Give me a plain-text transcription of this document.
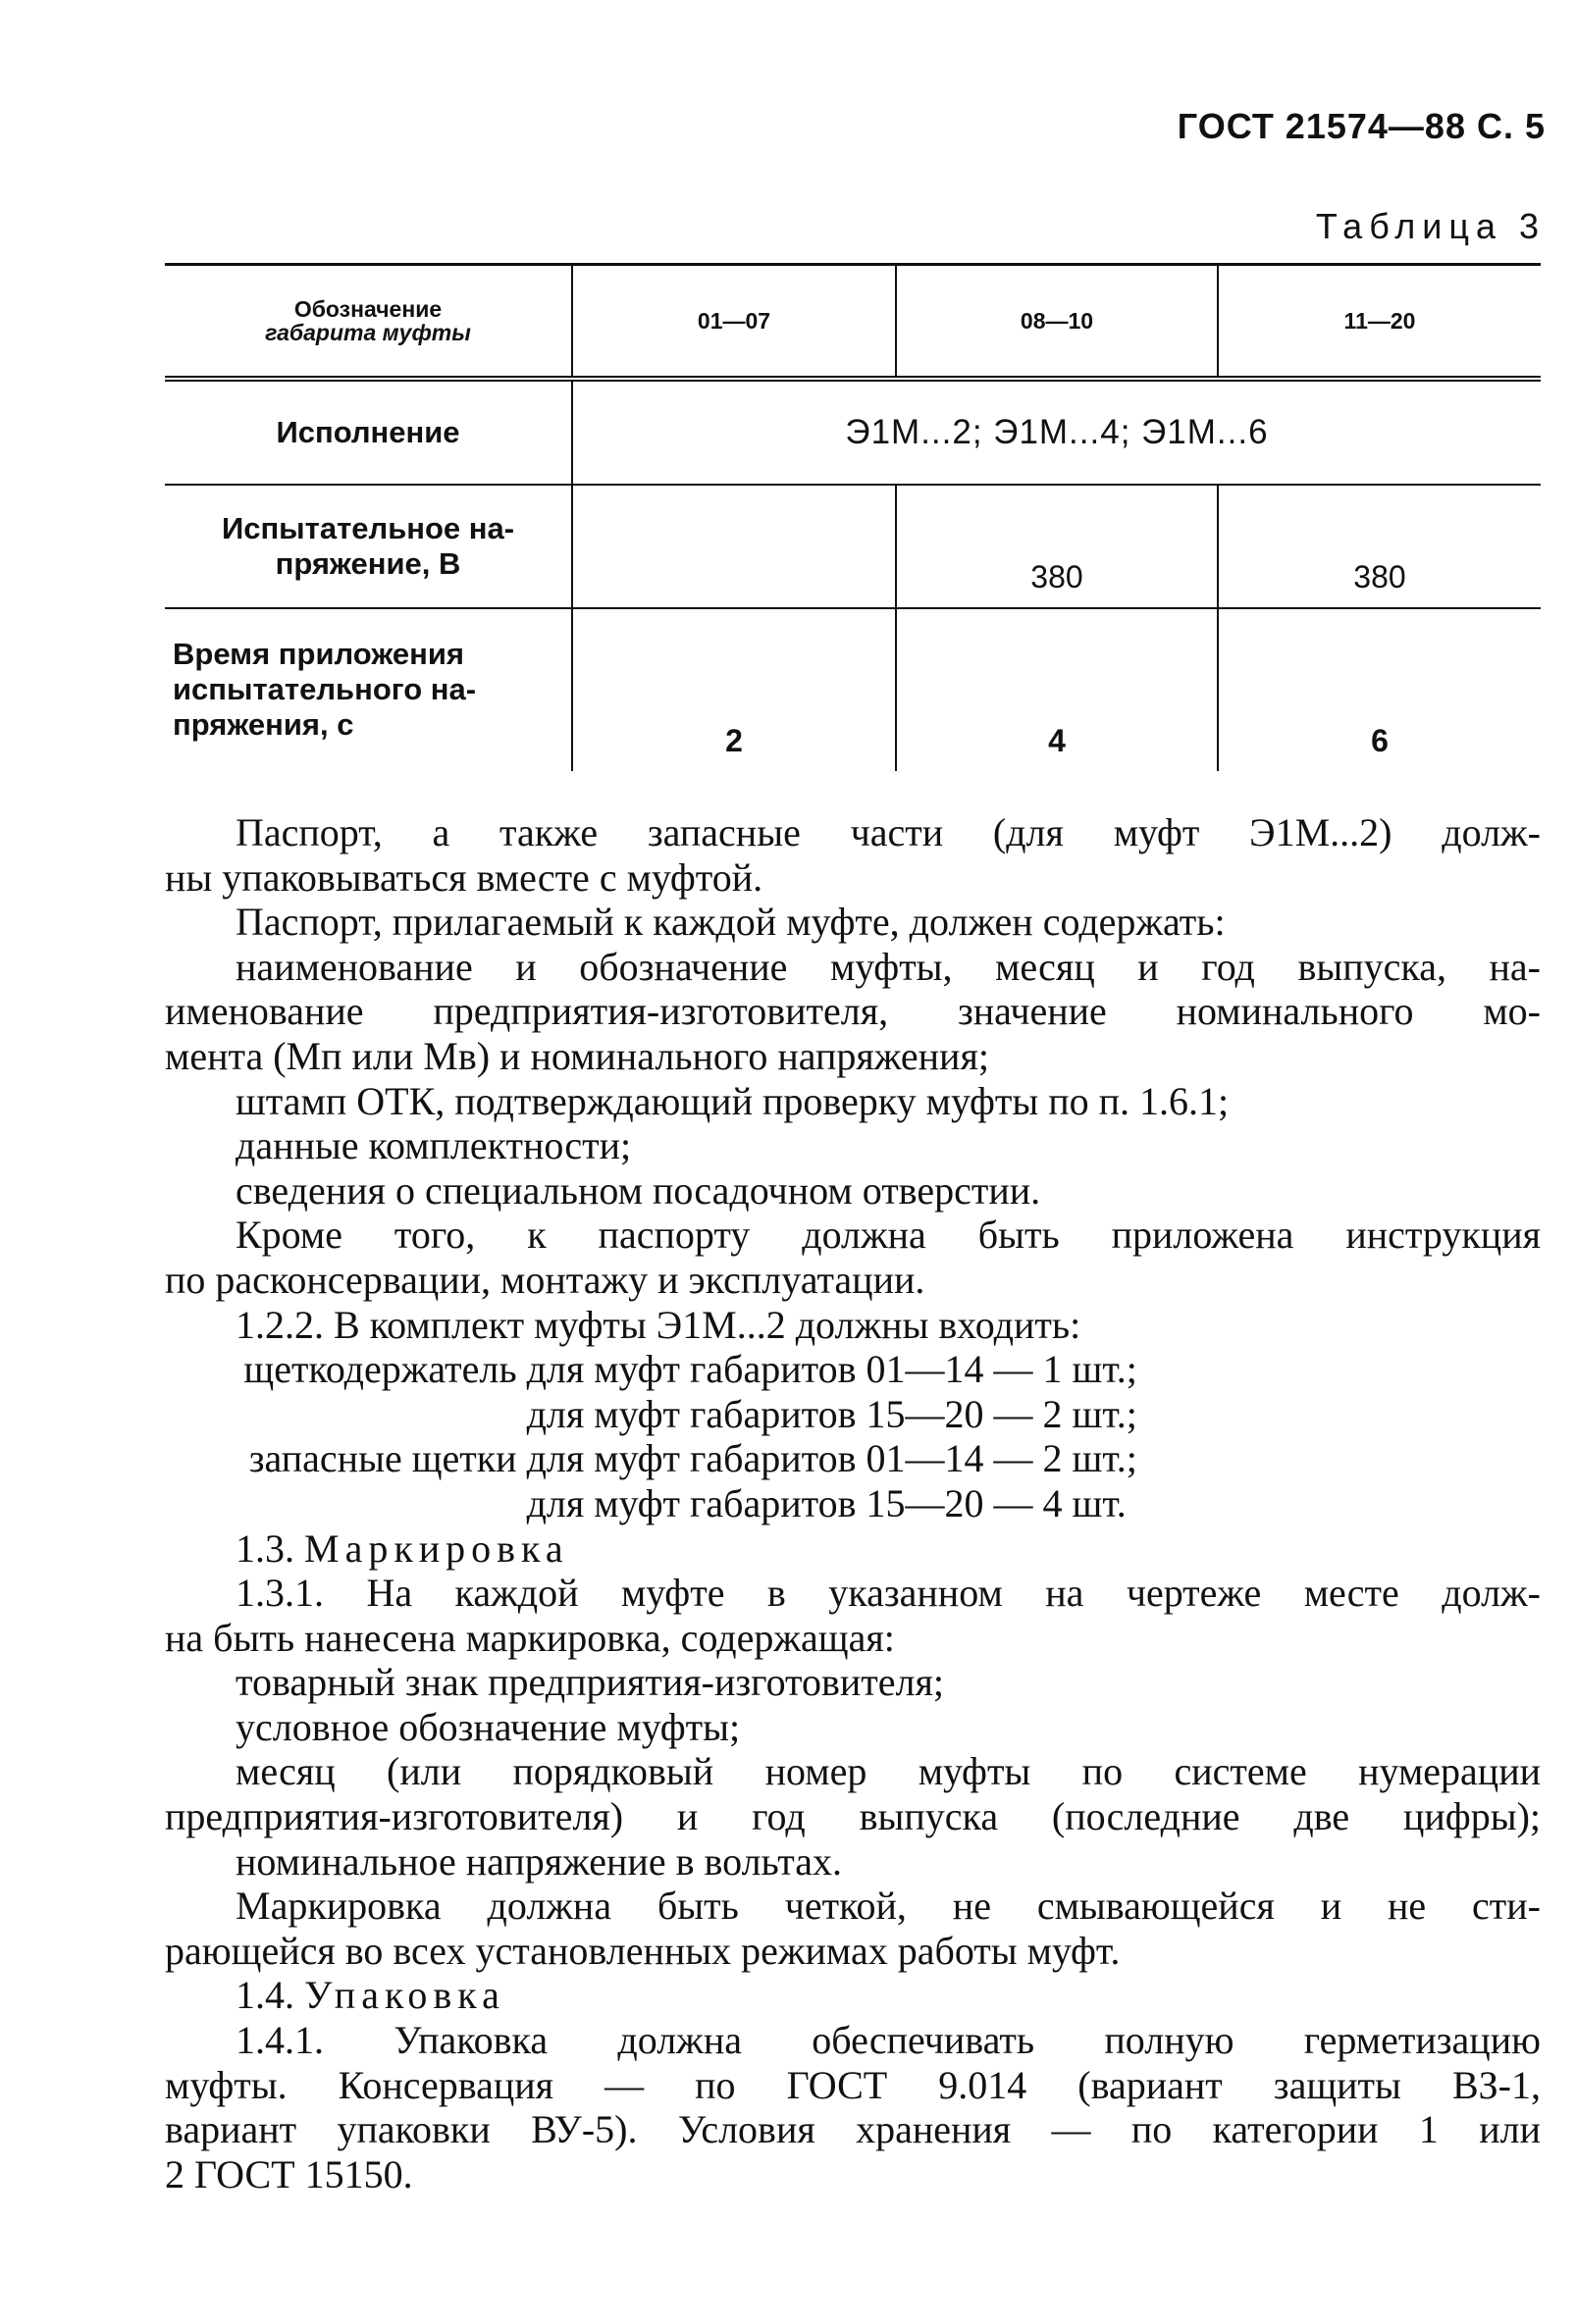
ГОСТ 21574—88 С. 5
Таблица 3
Обозначение
габарита муфты	01—07	08—10	11—20
Исполнение	Э1М...2; Э1М...4; Э1М...6		

Испытательное на-
пряжение, В		380	380

Время приложения
испытательного на-
пряжения, с	2	4	6

Паспорт, а также запасные части (для муфт Э1М...2) долж-

ны упаковываться вместе с муфтой.

Паспорт, прилагаемый к каждой муфте, должен содержать:

наименование и обозначение муфты, месяц и год выпуска, на-

именование предприятия-изготовителя, значение номинального мо-

мента (Мп или Мв) и номинального напряжения;

штамп ОТК, подтверждающий проверку муфты по п. 1.6.1;

данные комплектности;

сведения о специальном посадочном отверстии.

Кроме того, к паспорту должна быть приложена инструкция

по расконсервации, монтажу и эксплуатации.

1.2.2. В комплект муфты Э1М...2 должны входить:

щеткодержатель для муфт
габаритов 01—14 — 1 шт.;
для муфт
габаритов 15—20 — 2 шт.;
запасные щетки для муфт
габаритов 01—14 — 2 шт.;
для муфт
габаритов 15—20 — 4 шт.

1.3. Маркировка

1.3.1. На каждой муфте в указанном на чертеже месте долж-

на быть нанесена маркировка, содержащая:

товарный знак предприятия-изготовителя;

условное обозначение муфты;

месяц (или порядковый номер муфты по системе нумерации

предприятия-изготовителя) и год выпуска (последние две цифры);

номинальное напряжение в вольтах.

Маркировка должна быть четкой, не смывающейся и не сти-

рающейся во всех установленных режимах работы муфт.

1.4. Упаковка

1.4.1. Упаковка должна обеспечивать полную герметизацию

муфты. Консервация — по ГОСТ 9.014 (вариант защиты ВЗ-1,

вариант упаковки ВУ-5). Условия хранения — по категории 1 или

2 ГОСТ 15150.
